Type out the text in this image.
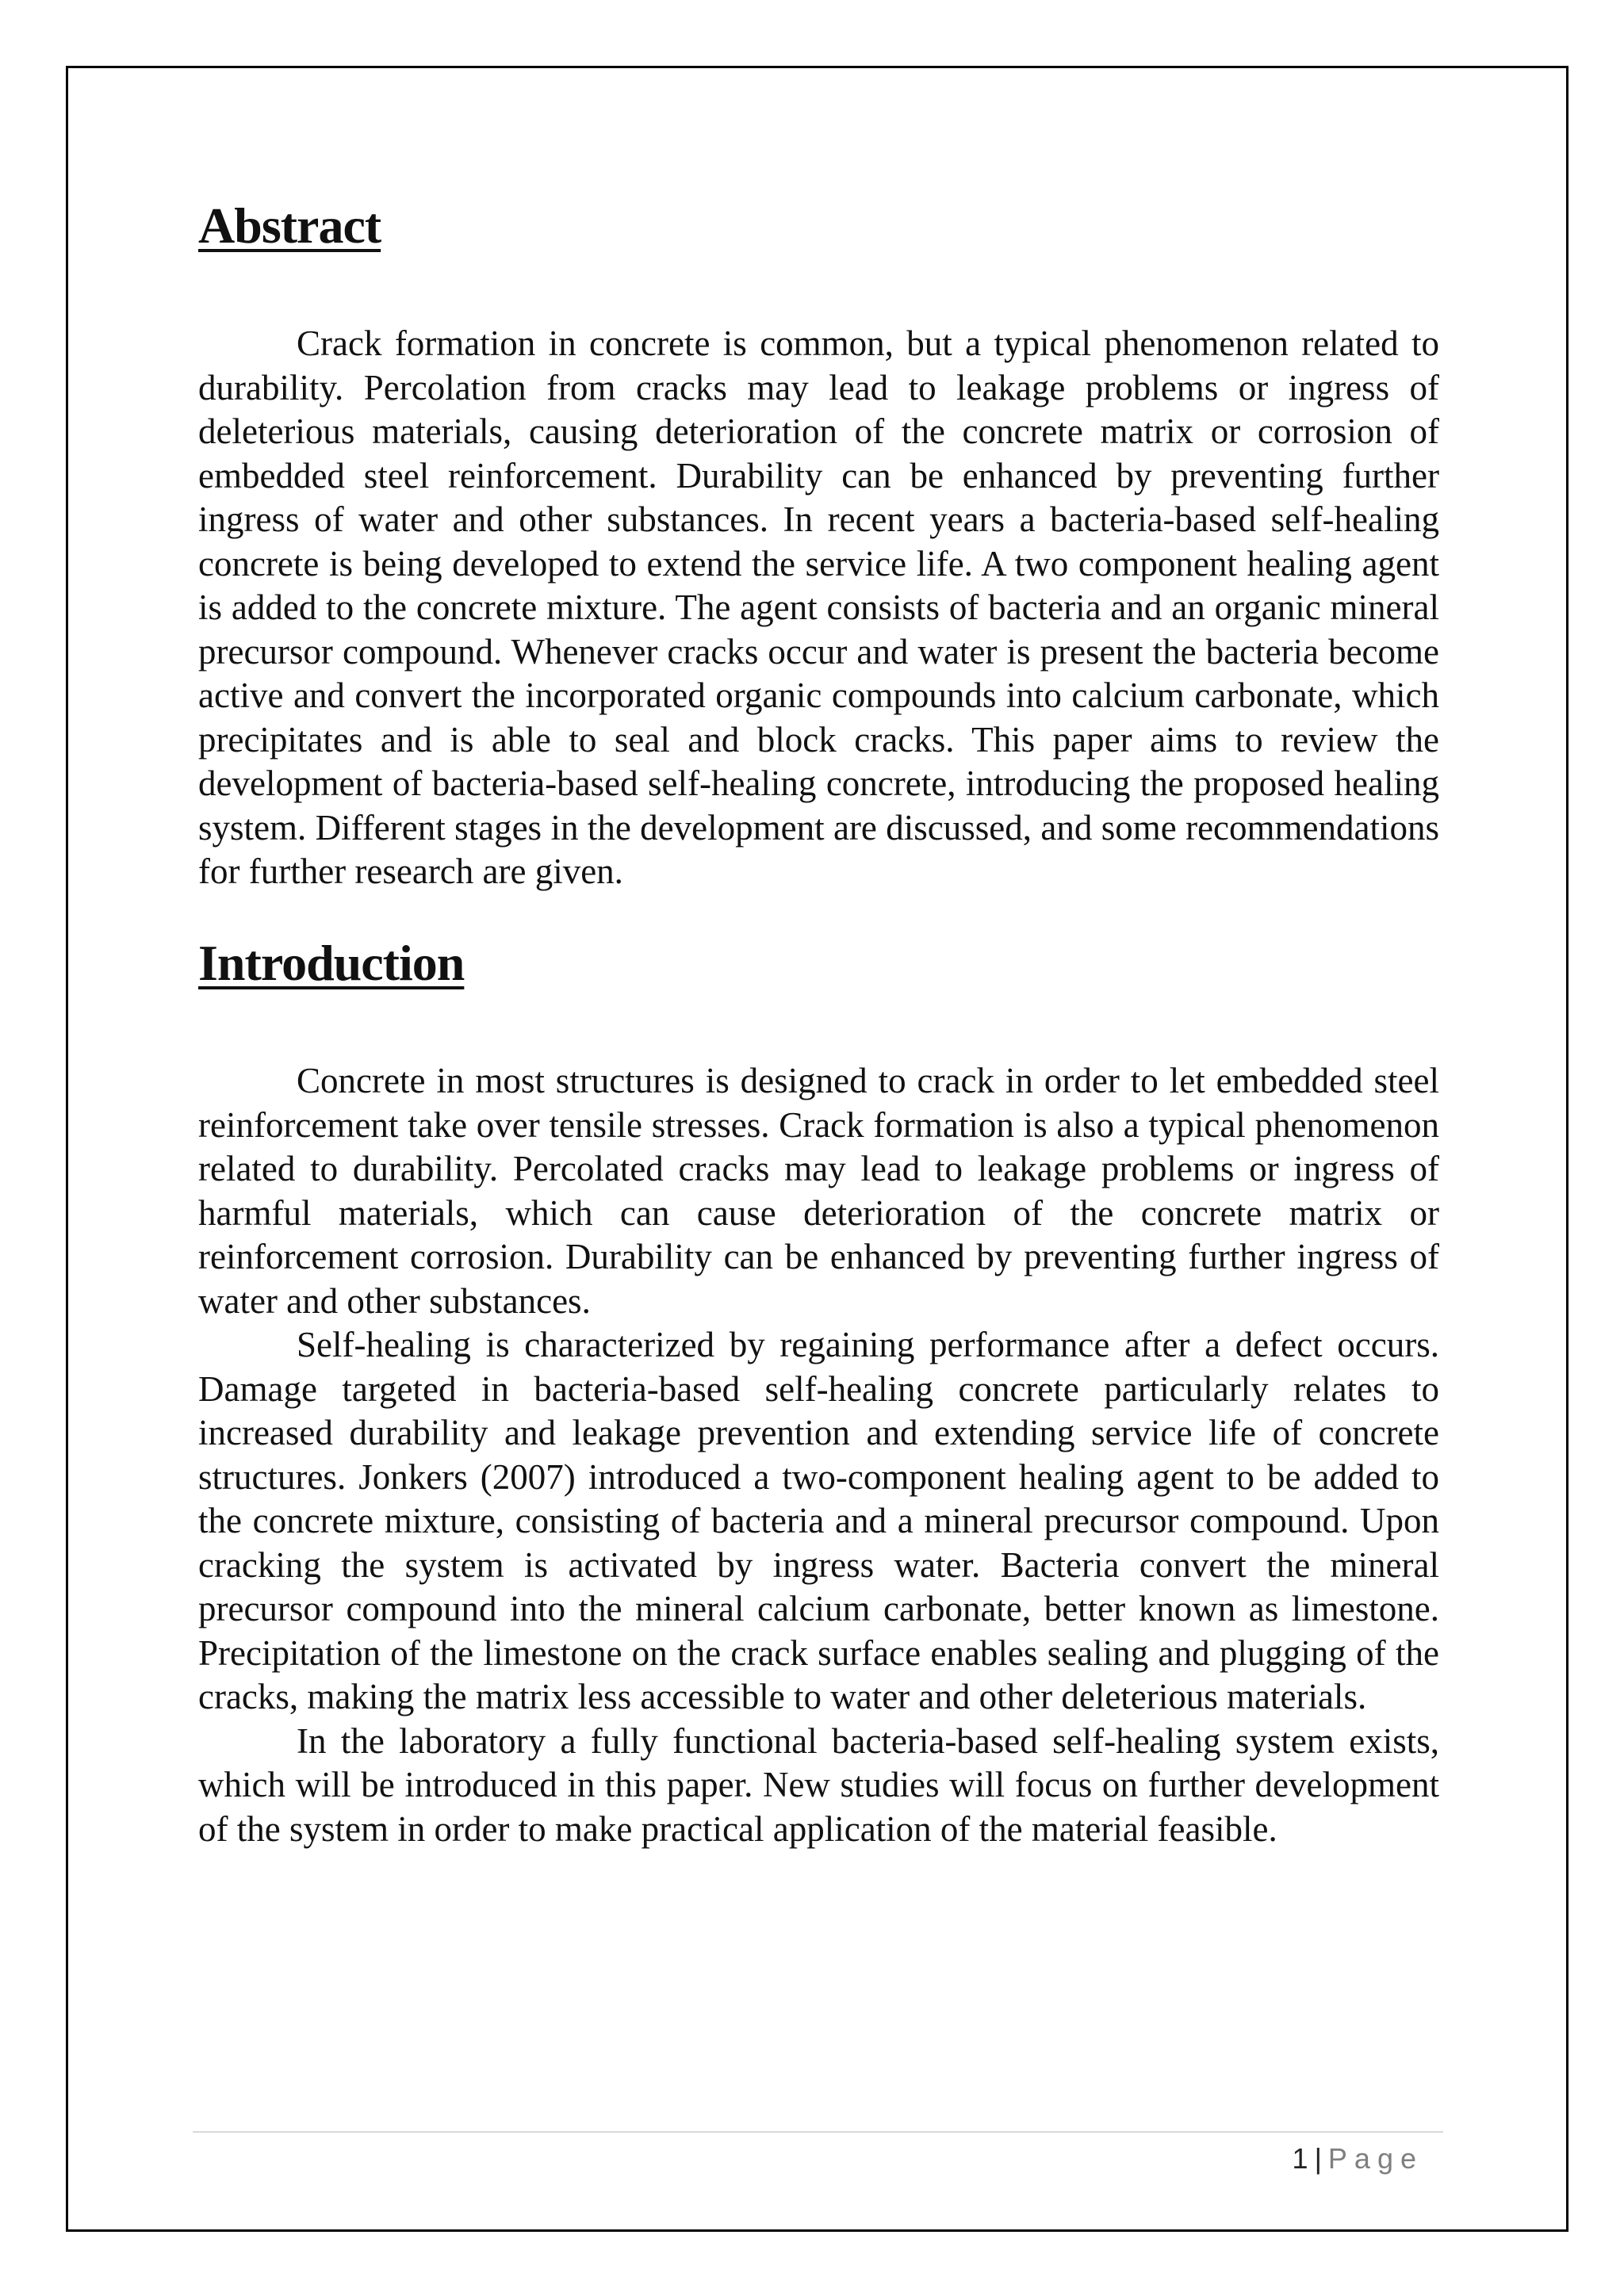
Abstract

Crack formation in concrete is common, but a typical phenomenon related to durability. Percolation from cracks may lead to leakage problems or ingress of deleterious materials, causing deterioration of the concrete matrix or corrosion of embedded steel reinforcement. Durability can be enhanced by preventing further ingress of water and other substances. In recent years a bacteria-based self-healing concrete is being developed to extend the service life. A two component healing agent is added to the concrete mixture. The agent consists of bacteria and an organic mineral precursor compound. Whenever cracks occur and water is present the bacteria become active and convert the incorporated organic compounds into calcium carbonate, which precipitates and is able to seal and block cracks. This paper aims to review the development of bacteria-based self-healing concrete, introducing the proposed healing system. Different stages in the development are discussed, and some recommendations for further research are given.

Introduction

Concrete in most structures is designed to crack in order to let embedded steel reinforcement take over tensile stresses. Crack formation is also a typical phenomenon related to durability. Percolated cracks may lead to leakage problems or ingress of harmful materials, which can cause deterioration of the concrete matrix or reinforcement corrosion. Durability can be enhanced by preventing further ingress of water and other substances.

Self-healing is characterized by regaining performance after a defect occurs. Damage targeted in bacteria-based self-healing concrete particularly relates to increased durability and leakage prevention and extending service life of concrete structures. Jonkers (2007) introduced a two-component healing agent to be added to the concrete mixture, consisting of bacteria and a mineral precursor compound. Upon cracking the system is activated by ingress water. Bacteria convert the mineral precursor compound into the mineral calcium carbonate, better known as limestone. Precipitation of the limestone on the crack surface enables sealing and plugging of the cracks, making the matrix less accessible to water and other deleterious materials.

In the laboratory a fully functional bacteria-based self-healing system exists, which will be introduced in this paper. New studies will focus on further development of the system in order to make practical application of the material feasible.

1 | Page
